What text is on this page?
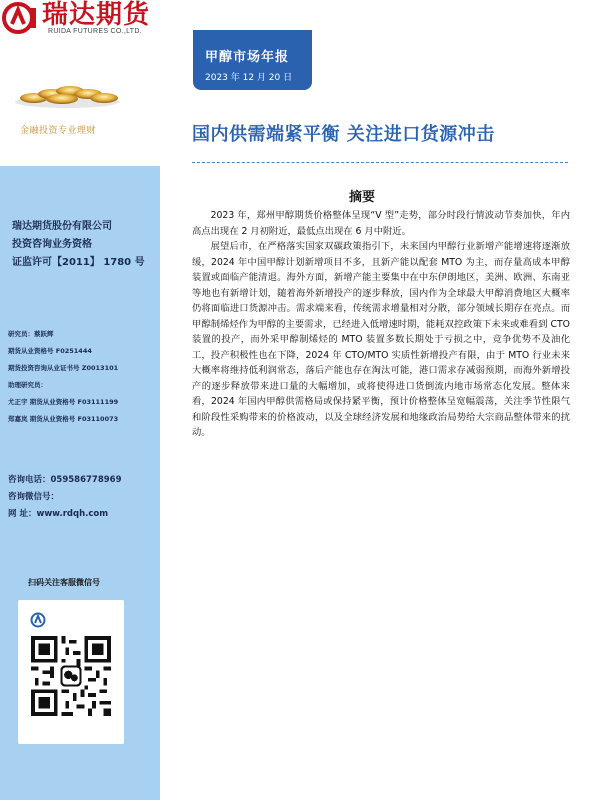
瑞达期货
RUIDA FUTURES CO.,LTD.
甲醇市场年报
2023 年 12 月 20 日
金融投资专业理财	国内供需端紧平衡 关注进口货源冲击
瑞达期货股份有限公司
投资咨询业务资格
证监许可【2011】 1780 号
研究员：蔡跃辉
期货从业资格号 F0251444
期货投资咨询从业证书号 Z0013101
助理研究员：
尤正宇 期货从业资格号 F03111199
郑嘉岚 期货从业资格号 F03110073
咨询电话：059586778969
咨询微信号：
网 址：www.rdqh.com
扫码关注客服微信号
摘要

2023 年，郑州甲醇期货价格整体呈现“V 型”走势，部分时段行情波动节奏加快，年内高点出现在 2 月初附近，最低点出现在 6 月中附近。

展望后市，在严格落实国家双碳政策指引下，未来国内甲醇行业新增产能增速将逐渐放缓，2024 年中国甲醇计划新增项目不多，且新产能以配套 MTO 为主，而存量高成本甲醇装置或面临产能清退。海外方面，新增产能主要集中在中东伊朗地区，美洲、欧洲、东南亚等地也有新增计划，随着海外新增投产的逐步释放，国内作为全球最大甲醇消费地区大概率仍将面临进口货源冲击。需求端来看，传统需求增量相对分散，部分领域长期存在亮点。而甲醇制烯烃作为甲醇的主要需求，已经进入低增速时期，能耗双控政策下未来或难看到 CTO 装置的投产，而外采甲醇制烯烃的 MTO 装置多数长期处于亏损之中，竞争优势不及油化工，投产积极性也在下降，2024 年 CTO/MTO 实质性新增投产有限，由于 MTO 行业未来大概率将维持低利润常态，落后产能也存在淘汰可能，港口需求存减弱预期，而海外新增投产的逐步释放带来进口量的大幅增加，或将使得进口货倒流内地市场常态化发展。整体来看，2024 年国内甲醇供需格局或保持紧平衡，预计价格整体呈宽幅震荡，关注季节性限气和阶段性采购带来的价格波动，以及全球经济发展和地缘政治局势给大宗商品整体带来的扰动。
